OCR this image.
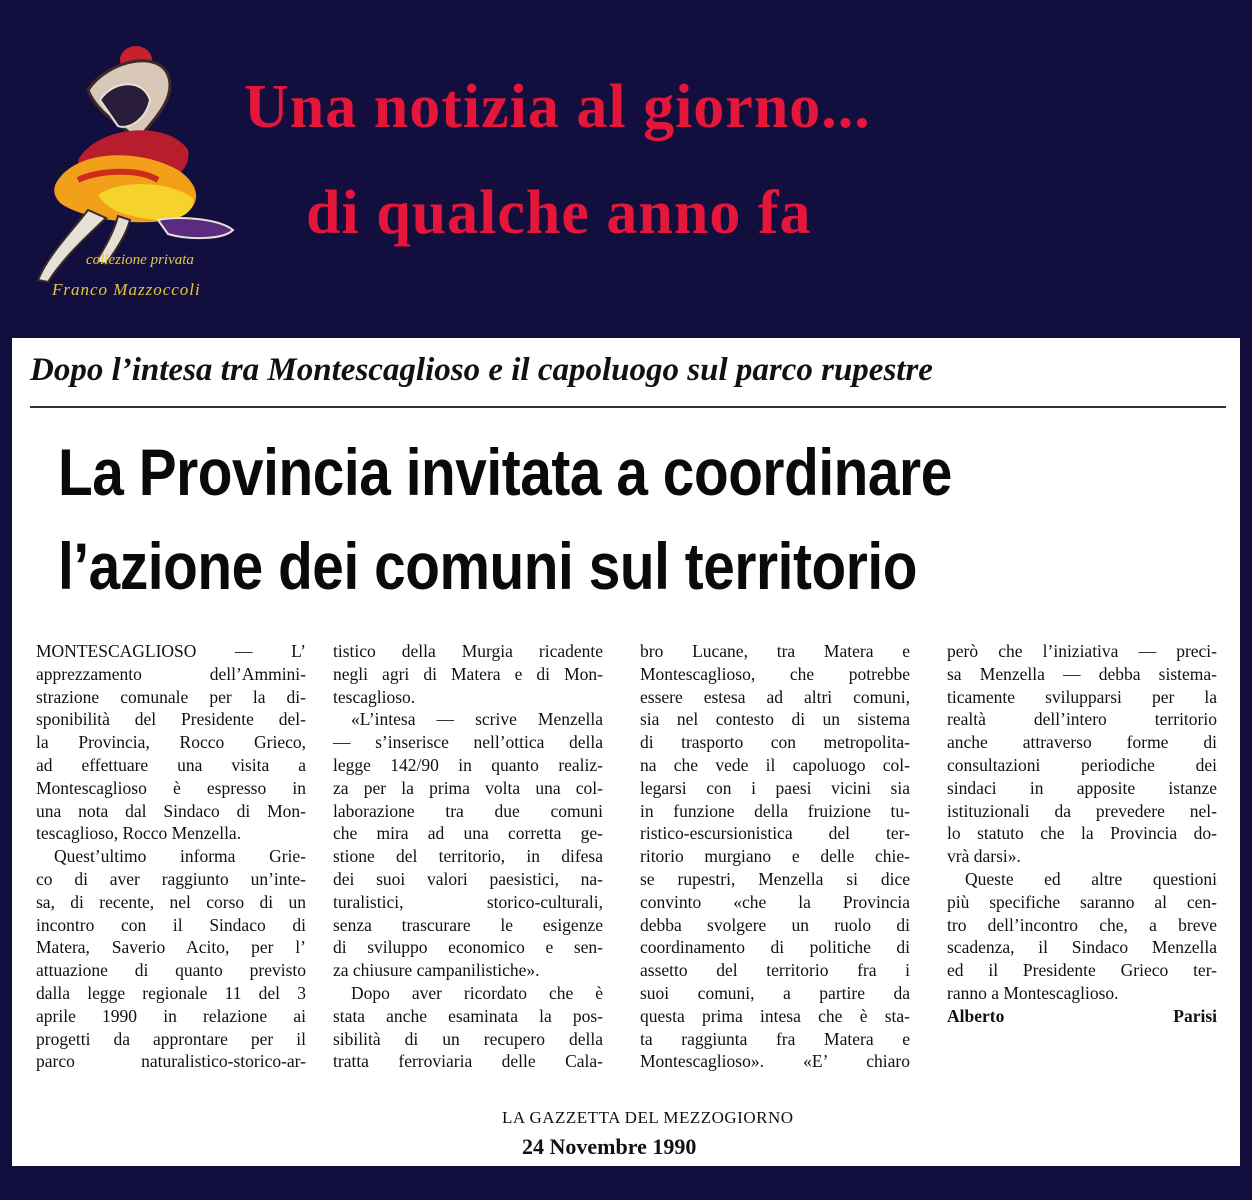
collezione privata
Franco Mazzoccoli
Una notizia al giorno...
di qualche anno fa
Dopo l’intesa tra Montescaglioso e il capoluogo sul parco rupestre
La Provincia invitata a coordinare
l’azione dei comuni sul territorio
MONTESCAGLIOSO — L’
apprezzamento dell’Ammini-
strazione comunale per la di-
sponibilità del Presidente del-
la Provincia, Rocco Grieco,
ad effettuare una visita a
Montescaglioso è espresso in
una nota dal Sindaco di Mon-
tescaglioso, Rocco Menzella.
Quest’ultimo informa Grie-
co di aver raggiunto un’inte-
sa, di recente, nel corso di un
incontro con il Sindaco di
Matera, Saverio Acito, per l’
attuazione di quanto previsto
dalla legge regionale 11 del 3
aprile 1990 in relazione ai
progetti da approntare per il
parco naturalistico-storico-ar-
tistico della Murgia ricadente
negli agri di Matera e di Mon-
tescaglioso.
«L’intesa — scrive Menzella
— s’inserisce nell’ottica della
legge 142/90 in quanto realiz-
za per la prima volta una col-
laborazione tra due comuni
che mira ad una corretta ge-
stione del territorio, in difesa
dei suoi valori paesistici, na-
turalistici, storico-culturali,
senza trascurare le esigenze
di sviluppo economico e sen-
za chiusure campanilistiche».
Dopo aver ricordato che è
stata anche esaminata la pos-
sibilità di un recupero della
tratta ferroviaria delle Cala-
bro Lucane, tra Matera e
Montescaglioso, che potrebbe
essere estesa ad altri comuni,
sia nel contesto di un sistema
di trasporto con metropolita-
na che vede il capoluogo col-
legarsi con i paesi vicini sia
in funzione della fruizione tu-
ristico-escursionistica del ter-
ritorio murgiano e delle chie-
se rupestri, Menzella si dice
convinto «che la Provincia
debba svolgere un ruolo di
coordinamento di politiche di
assetto del territorio fra i
suoi comuni, a partire da
questa prima intesa che è sta-
ta raggiunta fra Matera e
Montescaglioso». «E’ chiaro
però che l’iniziativa — preci-
sa Menzella — debba sistema-
ticamente svilupparsi per la
realtà dell’intero territorio
anche attraverso forme di
consultazioni periodiche dei
sindaci in apposite istanze
istituzionali da prevedere nel-
lo statuto che la Provincia do-
vrà darsi».
Queste ed altre questioni
più specifiche saranno al cen-
tro dell’incontro che, a breve
scadenza, il Sindaco Menzella
ed il Presidente Grieco ter-
ranno a Montescaglioso.
Alberto Parisi
LA GAZZETTA DEL MEZZOGIORNO
24 Novembre 1990
